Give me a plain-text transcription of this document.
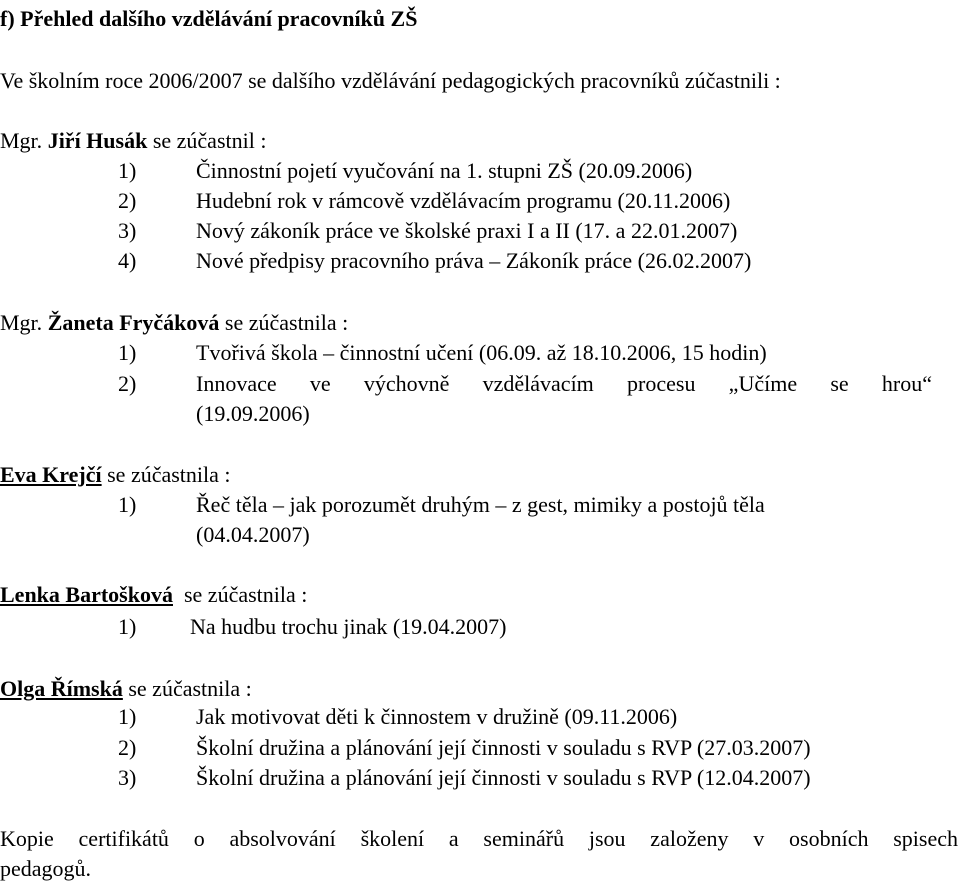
f) Přehled dalšího vzdělávání pracovníků ZŠ
Ve školním roce 2006/2007 se dalšího vzdělávání pedagogických pracovníků zúčastnili :
Mgr. Jiří Husák se zúčastnil :
1)	Činnostní pojetí vyučování na 1. stupni ZŠ (20.09.2006)
2)	Hudební rok v rámcově vzdělávacím programu (20.11.2006)
3)	Nový zákoník práce ve školské praxi I a II (17. a 22.01.2007)
4)	Nové předpisy pracovního práva – Zákoník práce (26.02.2007)
Mgr. Žaneta Fryčáková se zúčastnila :
1)	Tvořivá škola – činnostní učení (06.09. až 18.10.2006, 15 hodin)
2)	Innovace ve výchovně vzdělávacím procesu „Učíme se hrou“
(19.09.2006)
Eva Krejčí se zúčastnila :
1)	Řeč těla – jak porozumět druhým – z gest, mimiky a postojů těla
(04.04.2007)
Lenka Bartošková  se zúčastnila :
1) Na hudbu trochu jinak (19.04.2007)
Olga Římská se zúčastnila :
1)	Jak motivovat děti k činnostem v družině (09.11.2006)
2)	Školní družina a plánování její činnosti v souladu s RVP (27.03.2007)
3)	Školní družina a plánování její činnosti v souladu s RVP (12.04.2007)
Kopie certifikátů o absolvování školení a seminářů jsou založeny v osobních spisech
pedagogů.
